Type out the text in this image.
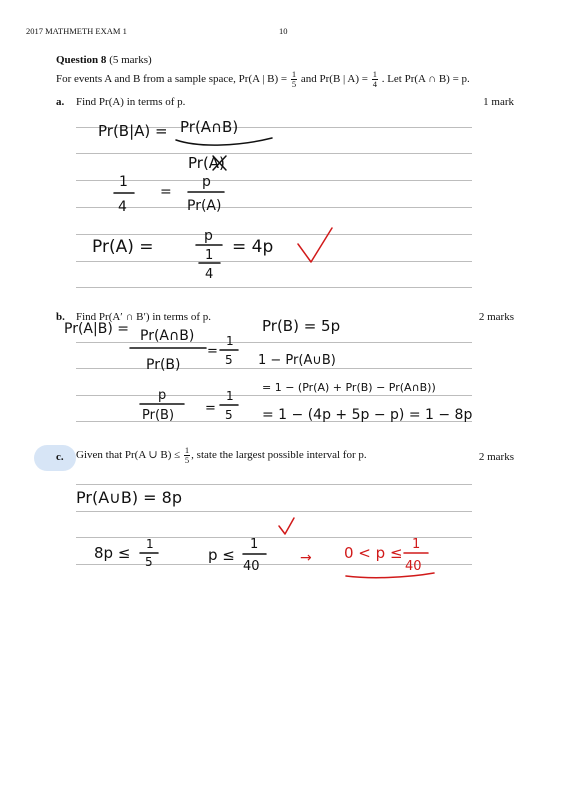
2017 MATHMETH EXAM 1	10
Question 8 (5 marks)
For events A and B from a sample space, Pr(A | $B) = \frac{1}{5}$ and Pr(B | $A) = \frac{1}{4}$ . Let Pr(A ∩ B) = p.
a. Find Pr(A) in terms of p.	1 mark
b. Find Pr(A′ ∩ B′) in terms of p.	2 marks
c. Given that Pr(A ∪ $B) \le \frac{1}{5}$ , state the largest possible interval for p.	2 marks
Pr(B|A) = Pr(A∩B)
Pr(A)
1
4
=
p
Pr(A)
Pr(A) =
p
1
4
= 4p
Pr(A|B) = Pr(A∩B)
Pr(B)
=
1
5
p
Pr(B) =
1
5
Pr(B) = 5p
1 − Pr(A∪B)
= 1 − (Pr(A) + Pr(B) − Pr(A∩B))
= 1 − (4p + 5p − p) = 1 − 8p
Pr(A∪B) = 8p
8p ≤ 1
5	p ≤
1
40
→ 0 < p ≤ 1
40
